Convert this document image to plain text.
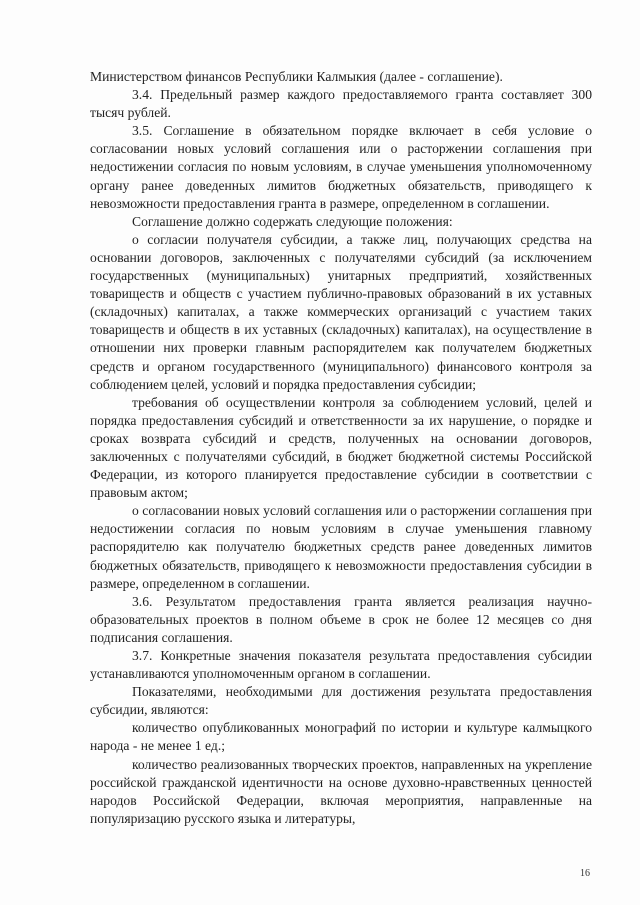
Министерством финансов Республики Калмыкия (далее - соглашение).

3.4. Предельный размер каждого предоставляемого гранта составляет 300 тысяч рублей.

3.5. Соглашение в обязательном порядке включает в себя условие о согласовании новых условий соглашения или о расторжении соглашения при недостижении согласия по новым условиям, в случае уменьшения уполномоченному органу ранее доведенных лимитов бюджетных обязательств, приводящего к невозможности предоставления гранта в размере, определенном в соглашении.

Соглашение должно содержать следующие положения:

о согласии получателя субсидии, а также лиц, получающих средства на основании договоров, заключенных с получателями субсидий (за исключением государственных (муниципальных) унитарных предприятий, хозяйственных товариществ и обществ с участием публично-правовых образований в их уставных (складочных) капиталах, а также коммерческих организаций с участием таких товариществ и обществ в их уставных (складочных) капиталах), на осуществление в отношении них проверки главным распорядителем как получателем бюджетных средств и органом государственного (муниципального) финансового контроля за соблюдением целей, условий и порядка предоставления субсидии;

требования об осуществлении контроля за соблюдением условий, целей и порядка предоставления субсидий и ответственности за их нарушение, о порядке и сроках возврата субсидий и средств, полученных на основании договоров, заключенных с получателями субсидий, в бюджет бюджетной системы Российской Федерации, из которого планируется предоставление субсидии в соответствии с правовым актом;

о согласовании новых условий соглашения или о расторжении соглашения при недостижении согласия по новым условиям в случае уменьшения главному распорядителю как получателю бюджетных средств ранее доведенных лимитов бюджетных обязательств, приводящего к невозможности предоставления субсидии в размере, определенном в соглашении.

3.6. Результатом предоставления гранта является реализация научно-образовательных проектов в полном объеме в срок не более 12 месяцев со дня подписания соглашения.

3.7. Конкретные значения показателя результата предоставления субсидии устанавливаются уполномоченным органом в соглашении.

Показателями, необходимыми для достижения результата предоставления субсидии, являются:

количество опубликованных монографий по истории и культуре калмыцкого народа - не менее 1 ед.;

количество реализованных творческих проектов, направленных на укрепление российской гражданской идентичности на основе духовно-нравственных ценностей народов Российской Федерации, включая мероприятия, направленные на популяризацию русского языка и литературы,

16
